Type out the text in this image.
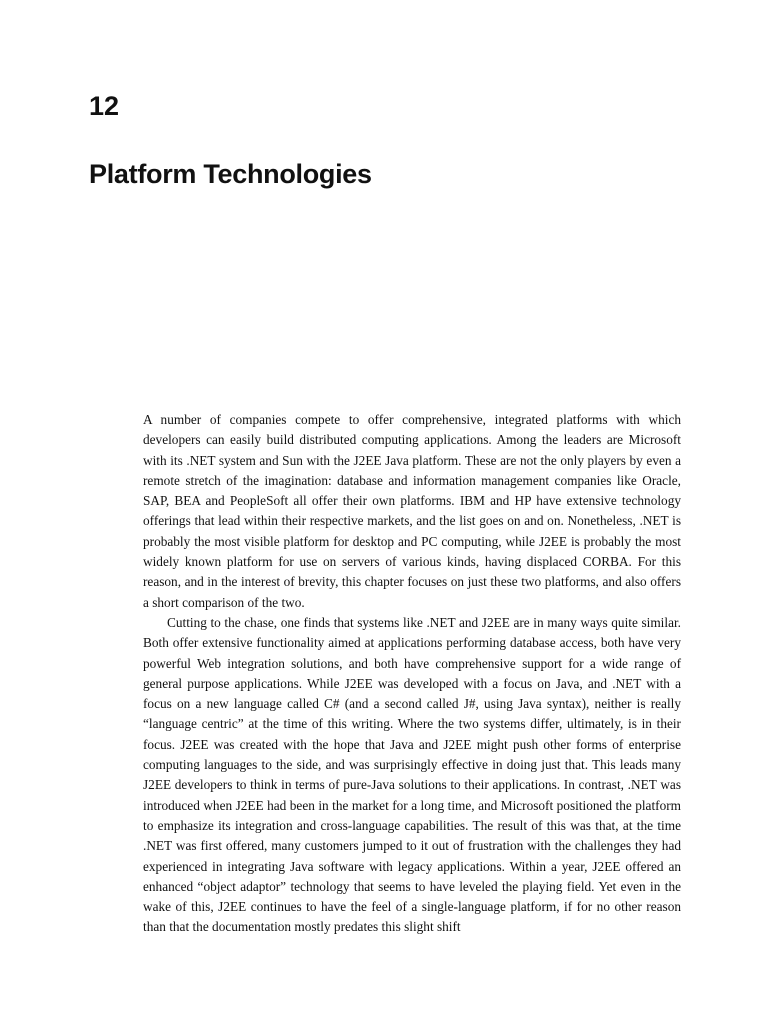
12
Platform Technologies

A number of companies compete to offer comprehensive, integrated platforms with which developers can easily build distributed computing applications. Among the leaders are Microsoft with its .NET system and Sun with the J2EE Java platform. These are not the only players by even a remote stretch of the imagination: database and information management companies like Oracle, SAP, BEA and PeopleSoft all offer their own platforms. IBM and HP have extensive technology offerings that lead within their respective markets, and the list goes on and on. Nonetheless, .NET is probably the most visible platform for desktop and PC computing, while J2EE is probably the most widely known platform for use on servers of various kinds, having displaced CORBA. For this reason, and in the interest of brevity, this chapter focuses on just these two platforms, and also offers a short comparison of the two.

Cutting to the chase, one finds that systems like .NET and J2EE are in many ways quite similar. Both offer extensive functionality aimed at applications performing database access, both have very powerful Web integration solutions, and both have comprehensive support for a wide range of general purpose applications. While J2EE was developed with a focus on Java, and .NET with a focus on a new language called C# (and a second called J#, using Java syntax), neither is really “language centric” at the time of this writing. Where the two systems differ, ultimately, is in their focus. J2EE was created with the hope that Java and J2EE might push other forms of enterprise computing languages to the side, and was surprisingly effective in doing just that. This leads many J2EE developers to think in terms of pure-Java solutions to their applications. In contrast, .NET was introduced when J2EE had been in the market for a long time, and Microsoft positioned the platform to emphasize its integration and cross-language capabilities. The result of this was that, at the time .NET was first offered, many customers jumped to it out of frustration with the challenges they had experienced in integrating Java software with legacy applications. Within a year, J2EE offered an enhanced “object adaptor” technology that seems to have leveled the playing field. Yet even in the wake of this, J2EE continues to have the feel of a single-language platform, if for no other reason than that the documentation mostly predates this slight shift
